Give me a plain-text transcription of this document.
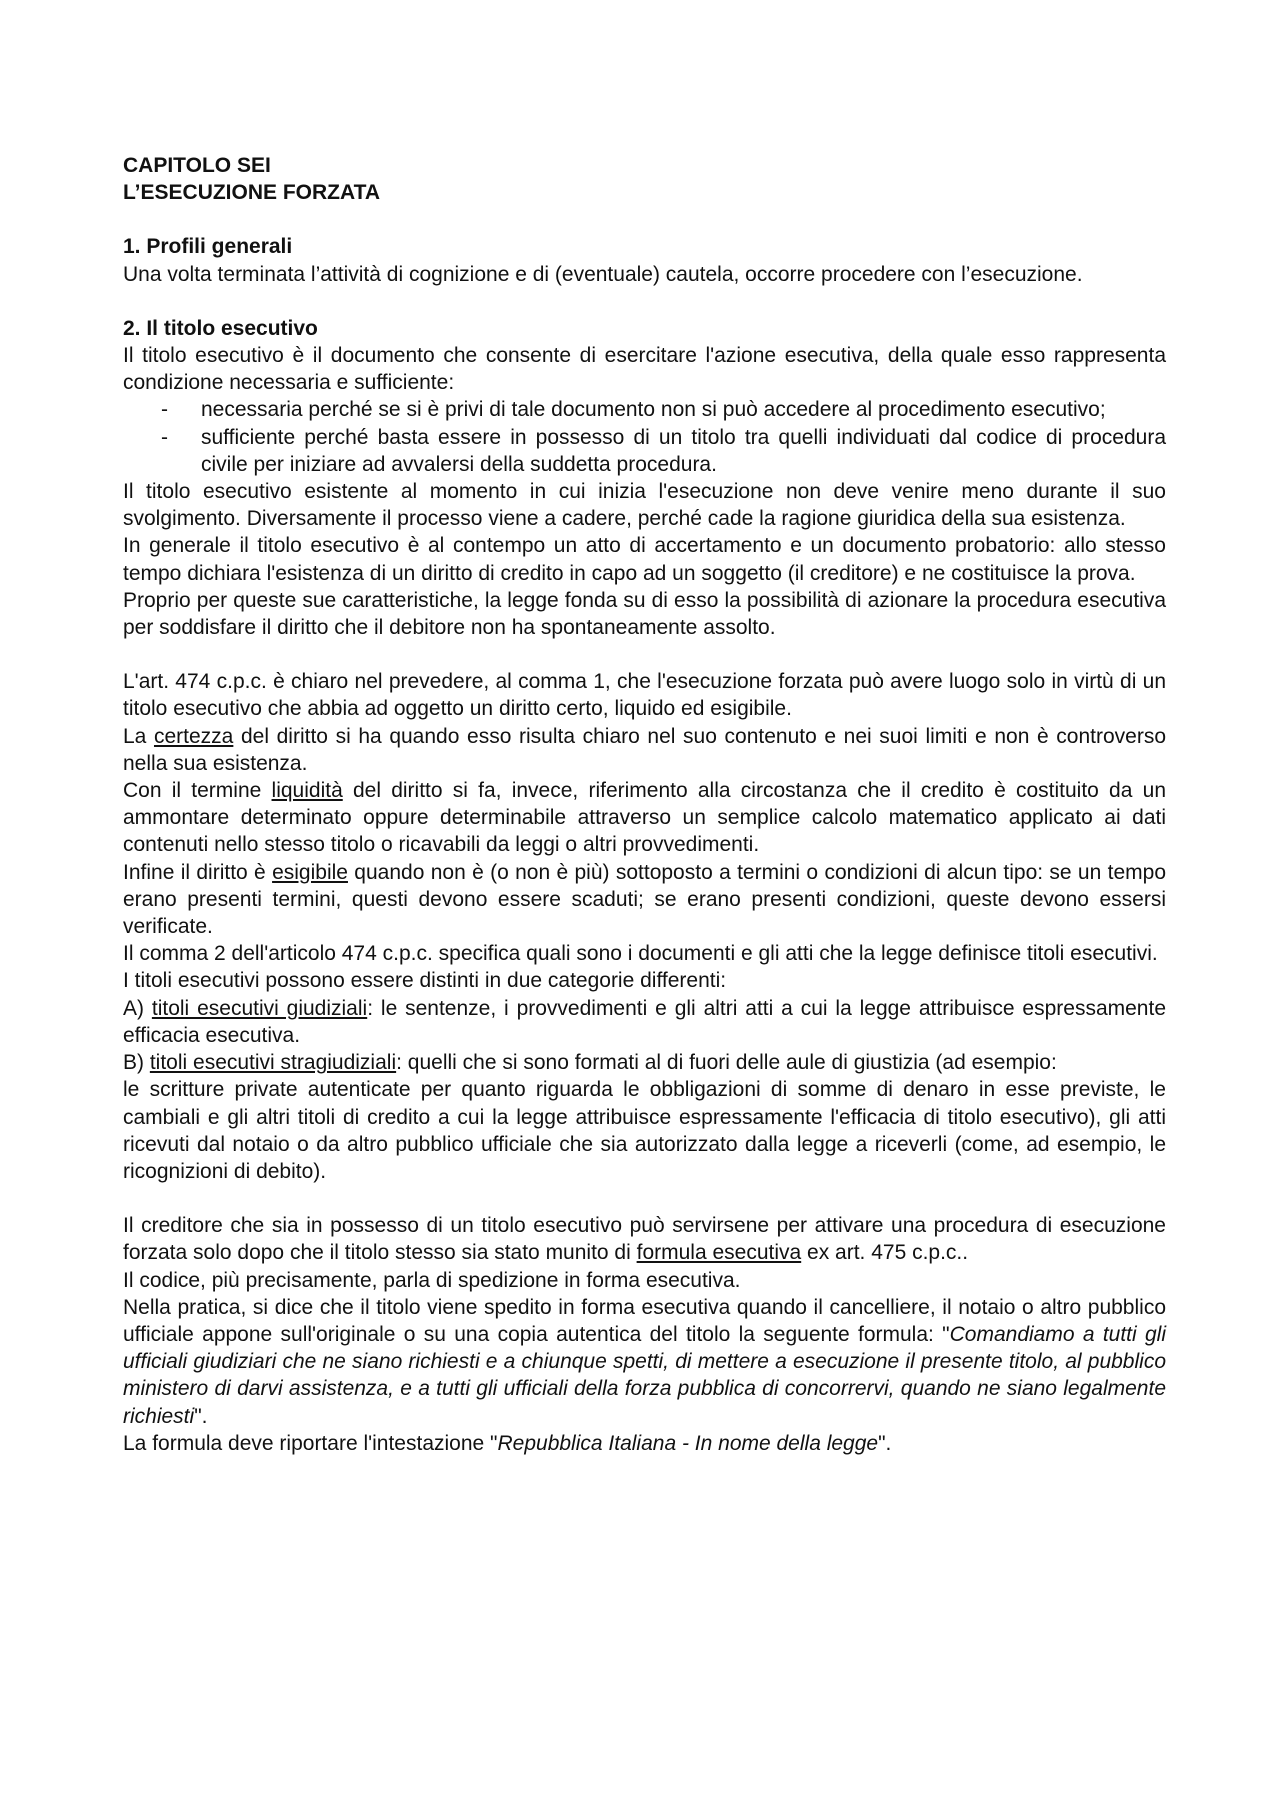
CAPITOLO SEI

L’ESECUZIONE FORZATA

1. Profili generali

Una volta terminata l’attività di cognizione e di (eventuale) cautela, occorre procedere con l’esecuzione.

2. Il titolo esecutivo

Il titolo esecutivo è il documento che consente di esercitare l'azione esecutiva, della quale esso rappresenta condizione necessaria e sufficiente:

- necessaria perché se si è privi di tale documento non si può accedere al procedimento esecutivo;
- sufficiente perché basta essere in possesso di un titolo tra quelli individuati dal codice di procedura civile per iniziare ad avvalersi della suddetta procedura.

Il titolo esecutivo esistente al momento in cui inizia l'esecuzione non deve venire meno durante il suo svolgimento. Diversamente il processo viene a cadere, perché cade la ragione giuridica della sua esistenza.

In generale il titolo esecutivo è al contempo un atto di accertamento e un documento probatorio: allo stesso tempo dichiara l'esistenza di un diritto di credito in capo ad un soggetto (il creditore) e ne costituisce la prova.

Proprio per queste sue caratteristiche, la legge fonda su di esso la possibilità di azionare la procedura esecutiva per soddisfare il diritto che il debitore non ha spontaneamente assolto.

L'art. 474 c.p.c. è chiaro nel prevedere, al comma 1, che l'esecuzione forzata può avere luogo solo in virtù di un titolo esecutivo che abbia ad oggetto un diritto certo, liquido ed esigibile.

La certezza del diritto si ha quando esso risulta chiaro nel suo contenuto e nei suoi limiti e non è controverso nella sua esistenza.

Con il termine liquidità del diritto si fa, invece, riferimento alla circostanza che il credito è costituito da un ammontare determinato oppure determinabile attraverso un semplice calcolo matematico applicato ai dati contenuti nello stesso titolo o ricavabili da leggi o altri provvedimenti.

Infine il diritto è esigibile quando non è (o non è più) sottoposto a termini o condizioni di alcun tipo: se un tempo erano presenti termini, questi devono essere scaduti; se erano presenti condizioni, queste devono essersi verificate.

Il comma 2 dell'articolo 474 c.p.c. specifica quali sono i documenti e gli atti che la legge definisce titoli esecutivi.

I titoli esecutivi possono essere distinti in due categorie differenti:

A) titoli esecutivi giudiziali: le sentenze, i provvedimenti e gli altri atti a cui la legge attribuisce espressamente efficacia esecutiva.

B) titoli esecutivi stragiudiziali: quelli che si sono formati al di fuori delle aule di giustizia (ad esempio:

le scritture private autenticate per quanto riguarda le obbligazioni di somme di denaro in esse previste, le cambiali e gli altri titoli di credito a cui la legge attribuisce espressamente l'efficacia di titolo esecutivo), gli atti ricevuti dal notaio o da altro pubblico ufficiale che sia autorizzato dalla legge a riceverli (come, ad esempio, le ricognizioni di debito).

Il creditore che sia in possesso di un titolo esecutivo può servirsene per attivare una procedura di esecuzione forzata solo dopo che il titolo stesso sia stato munito di formula esecutiva ex art. 475 c.p.c..

Il codice, più precisamente, parla di spedizione in forma esecutiva.

Nella pratica, si dice che il titolo viene spedito in forma esecutiva quando il cancelliere, il notaio o altro pubblico ufficiale appone sull'originale o su una copia autentica del titolo la seguente formula: "Comandiamo a tutti gli ufficiali giudiziari che ne siano richiesti e a chiunque spetti, di mettere a esecuzione il presente titolo, al pubblico ministero di darvi assistenza, e a tutti gli ufficiali della forza pubblica di concorrervi, quando ne siano legalmente richiesti".

La formula deve riportare l'intestazione "Repubblica Italiana - In nome della legge".
